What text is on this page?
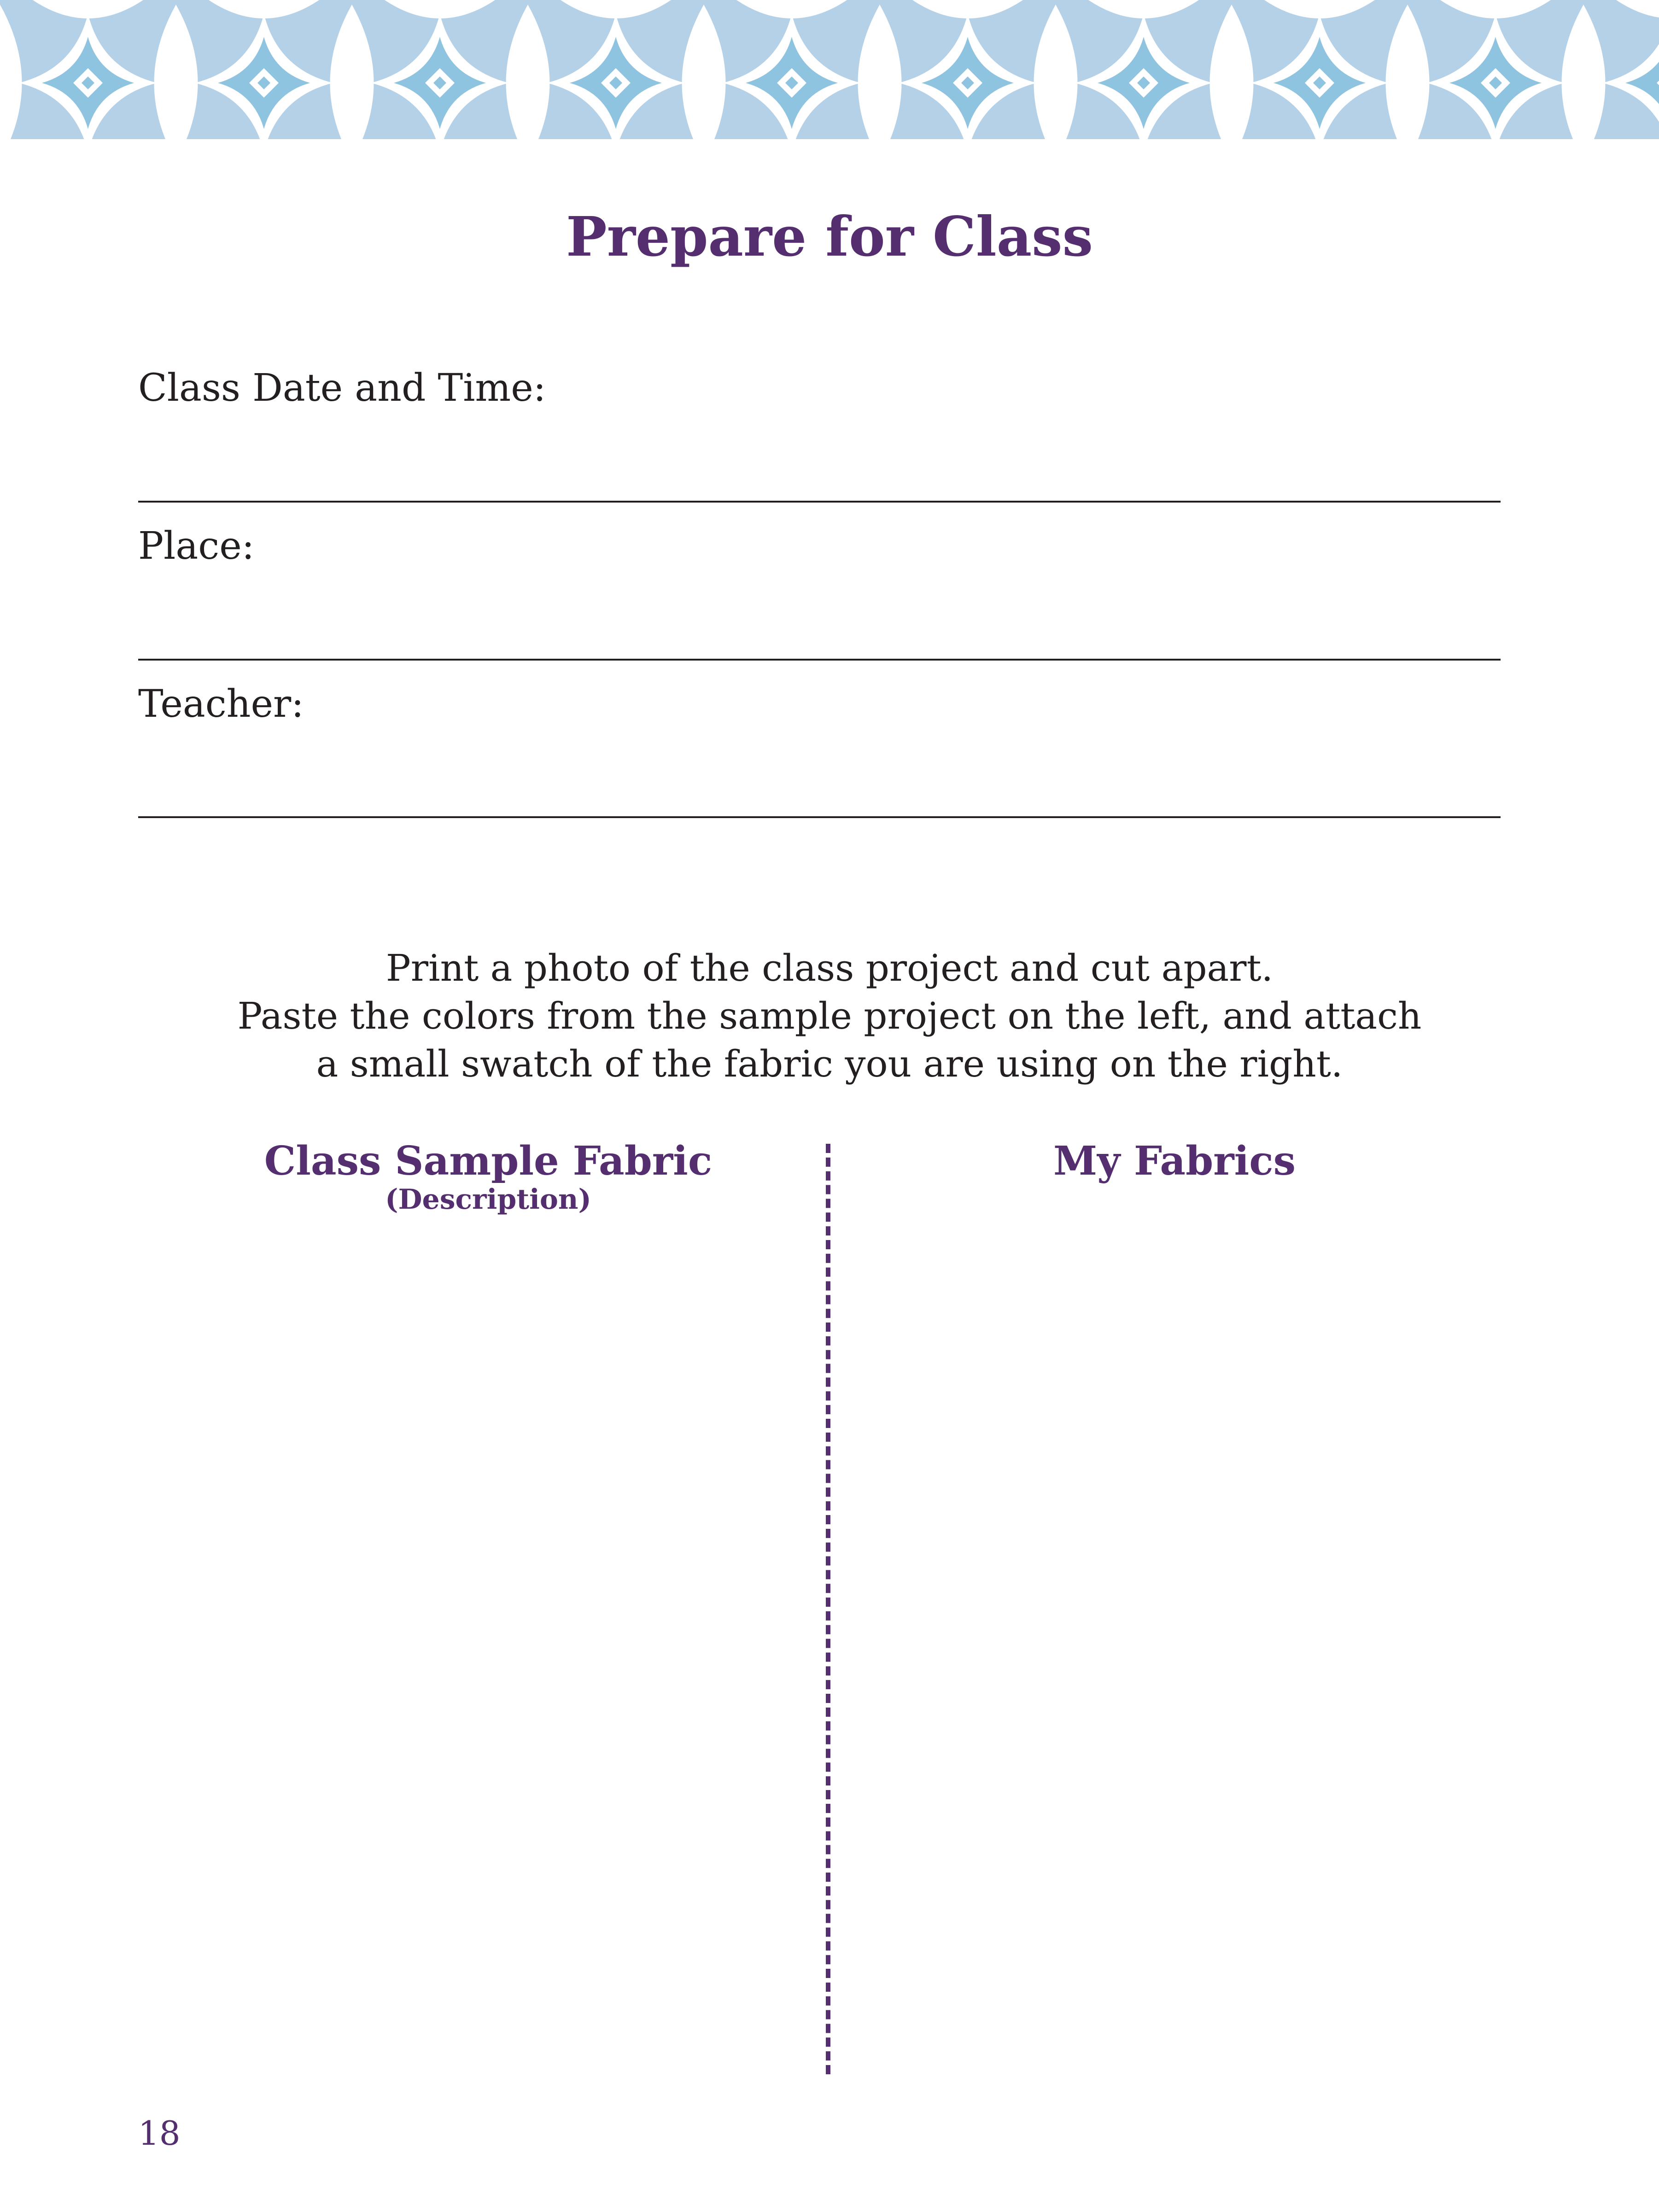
Prepare for Class
Class Date and Time:
Place:
Teacher:
Print a photo of the class project and cut apart.
Paste the colors from the sample project on the left, and attach
a small swatch of the fabric you are using on the right.
Class Sample Fabric
(Description)
My Fabrics
18
